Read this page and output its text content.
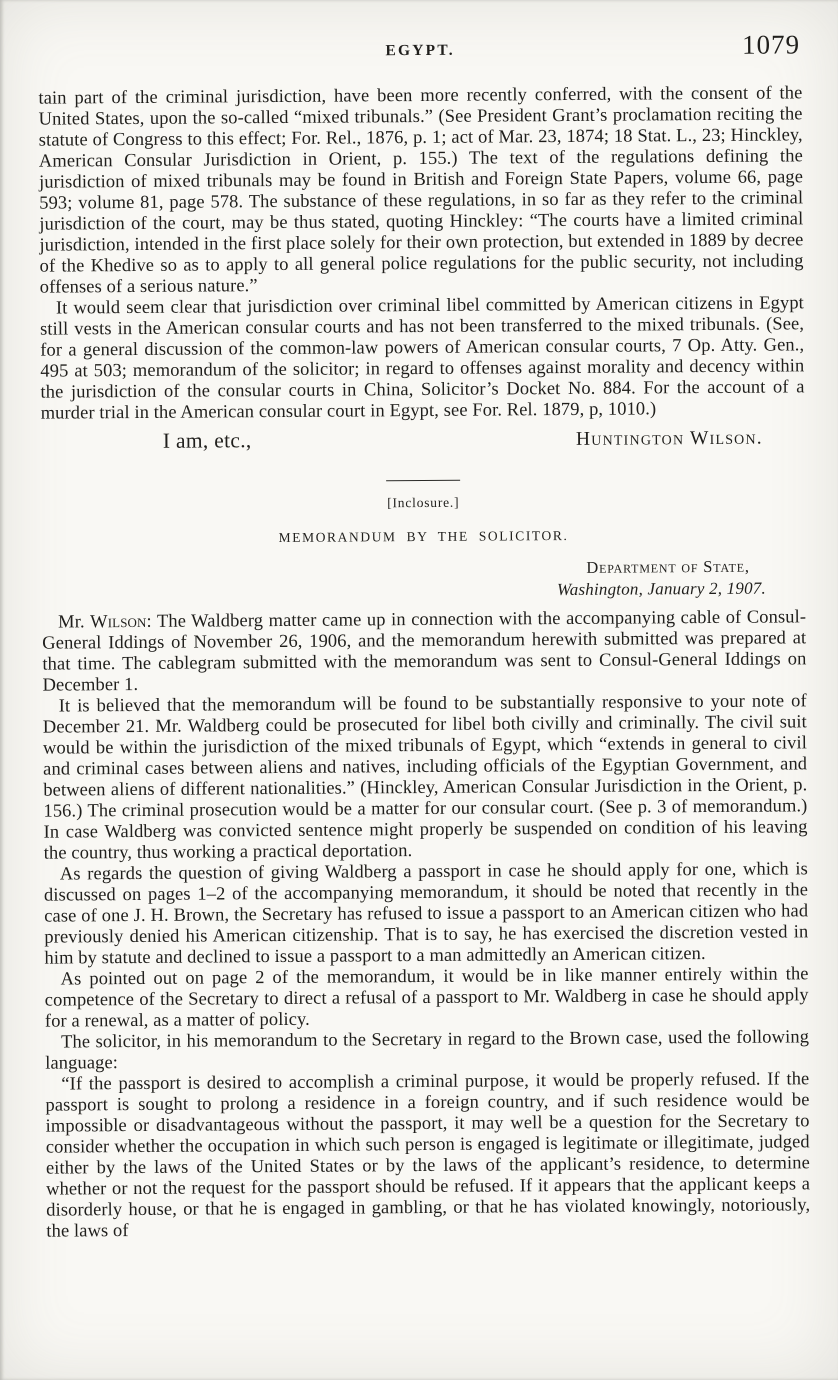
EGYPT.	1079

tain part of the criminal jurisdiction, have been more recently conferred, with the consent of the United States, upon the so-called “mixed tribunals.” (See President Grant’s proclamation reciting the statute of Congress to this effect; For. Rel., 1876, p. 1; act of Mar. 23, 1874; 18 Stat. L., 23; Hinckley, American Consular Jurisdiction in Orient, p. 155.) The text of the regulations defining the jurisdiction of mixed tribunals may be found in British and Foreign State Papers, volume 66, page 593; volume 81, page 578. The substance of these regulations, in so far as they refer to the criminal jurisdiction of the court, may be thus stated, quoting Hinckley: “The courts have a limited criminal jurisdiction, intended in the first place solely for their own protection, but extended in 1889 by decree of the Khedive so as to apply to all general police regulations for the public security, not including offenses of a serious nature.”

It would seem clear that jurisdiction over criminal libel committed by American citizens in Egypt still vests in the American consular courts and has not been transferred to the mixed tribunals. (See, for a general discussion of the common-law powers of American consular courts, 7 Op. Atty. Gen., 495 at 503; memorandum of the solicitor; in regard to offenses against morality and decency within the jurisdiction of the consular courts in China, Solicitor’s Docket No. 884. For the account of a murder trial in the American consular court in Egypt, see For. Rel. 1879, p, 1010.)

I am, etc.,	Huntington Wilson.

[Inclosure.]

MEMORANDUM BY THE SOLICITOR.

Department of State,

Washington, January 2, 1907.

Mr. Wilson: The Waldberg matter came up in connection with the accompanying cable of Consul-General Iddings of November 26, 1906, and the memorandum herewith submitted was prepared at that time. The cablegram submitted with the memorandum was sent to Consul-General Iddings on December 1.

It is believed that the memorandum will be found to be substantially responsive to your note of December 21. Mr. Waldberg could be prosecuted for libel both civilly and criminally. The civil suit would be within the jurisdiction of the mixed tribunals of Egypt, which “extends in general to civil and criminal cases between aliens and natives, including officials of the Egyptian Government, and between aliens of different nationalities.” (Hinckley, American Consular Jurisdiction in the Orient, p. 156.) The criminal prosecution would be a matter for our consular court. (See p. 3 of memorandum.) In case Waldberg was convicted sentence might properly be suspended on condition of his leaving the country, thus working a practical deportation.

As regards the question of giving Waldberg a passport in case he should apply for one, which is discussed on pages 1–2 of the accompanying memorandum, it should be noted that recently in the case of one J. H. Brown, the Secretary has refused to issue a passport to an American citizen who had previously denied his American citizenship. That is to say, he has exercised the discretion vested in him by statute and declined to issue a passport to a man admittedly an American citizen.

As pointed out on page 2 of the memorandum, it would be in like manner entirely within the competence of the Secretary to direct a refusal of a passport to Mr. Waldberg in case he should apply for a renewal, as a matter of policy.

The solicitor, in his memorandum to the Secretary in regard to the Brown case, used the following language:

“If the passport is desired to accomplish a criminal purpose, it would be properly refused. If the passport is sought to prolong a residence in a foreign country, and if such residence would be impossible or disadvantageous without the passport, it may well be a question for the Secretary to consider whether the occupation in which such person is engaged is legitimate or illegitimate, judged either by the laws of the United States or by the laws of the applicant’s residence, to determine whether or not the request for the passport should be refused. If it appears that the applicant keeps a disorderly house, or that he is engaged in gambling, or that he has violated knowingly, notoriously, the laws of
